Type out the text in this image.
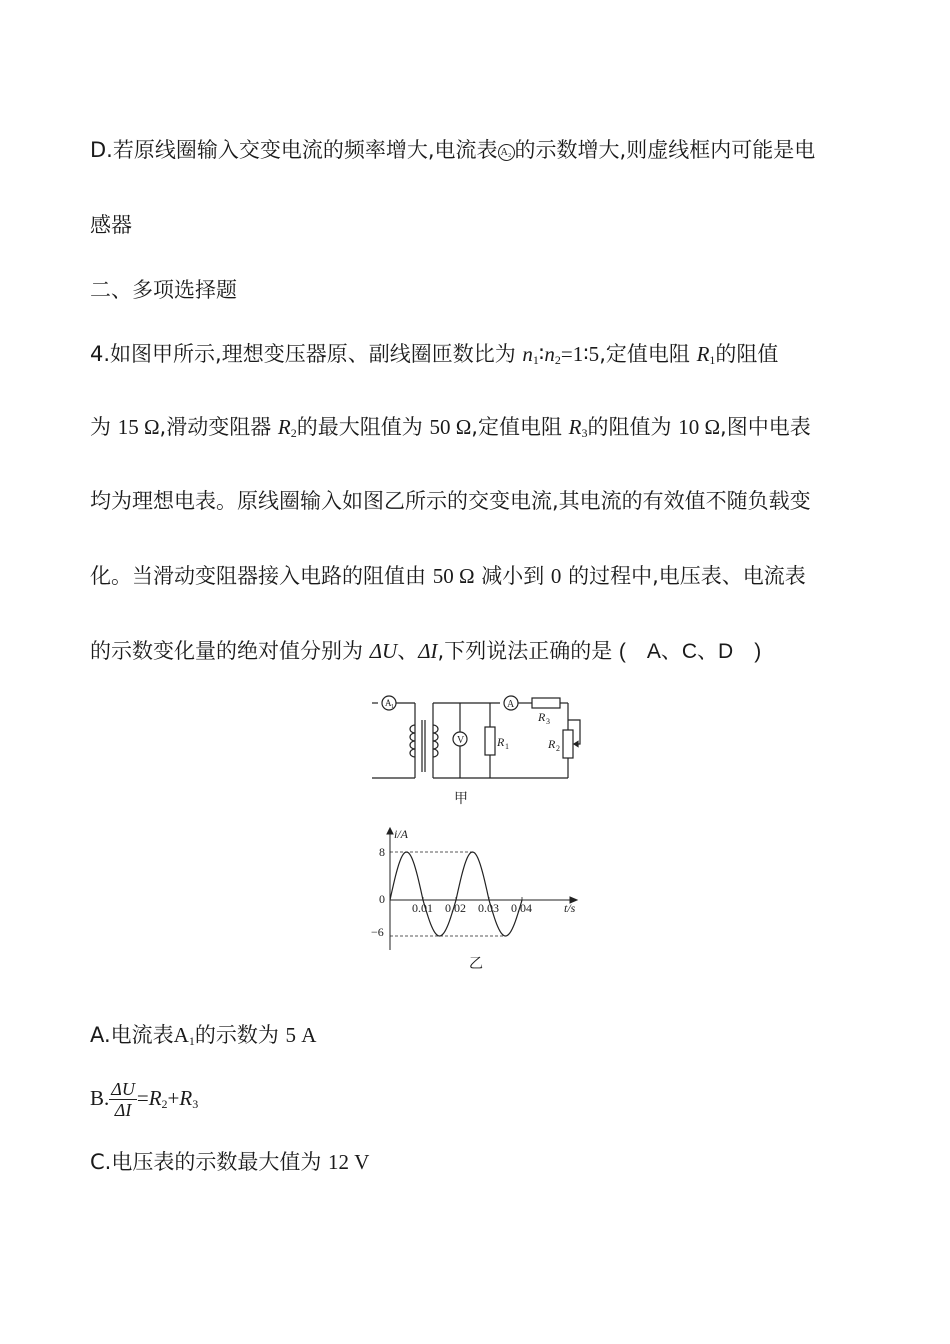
D.若原线圈输入交变电流的频率增大,电流表 A₂ 的示数增大,则虚线框内可能是电
感器
二、多项选择题
4.如图甲所示,理想变压器原、副线圈匝数比为 $n_1∶n_2=1∶5$,定值电阻 $R_1$的阻值
为 15 Ω,滑动变阻器 $R_2$的最大阻值为 50 Ω,定值电阻 $R_3$的阻值为 10 Ω,图中电表
均为理想电表。原线圈输入如图乙所示的交变电流,其电流的有效值不随负载变
化。当滑动变阻器接入电路的阻值由 50 Ω 减小到 0 的过程中,电压表、电流表
的示数变化量的绝对值分别为 ΔU、ΔI,下列说法正确的是 (　A、C、D　)
A 1
V
A
R 1	R 2
R 3
甲
i/A
t/s
8
0
−6
0.01 0.02 0.03 0.04
乙
A.电流表$A_1$的示数为 5 A
B. $\frac{\Delta U}{\Delta I} =R_2+R_3$
C.电压表的示数最大值为 12 V
